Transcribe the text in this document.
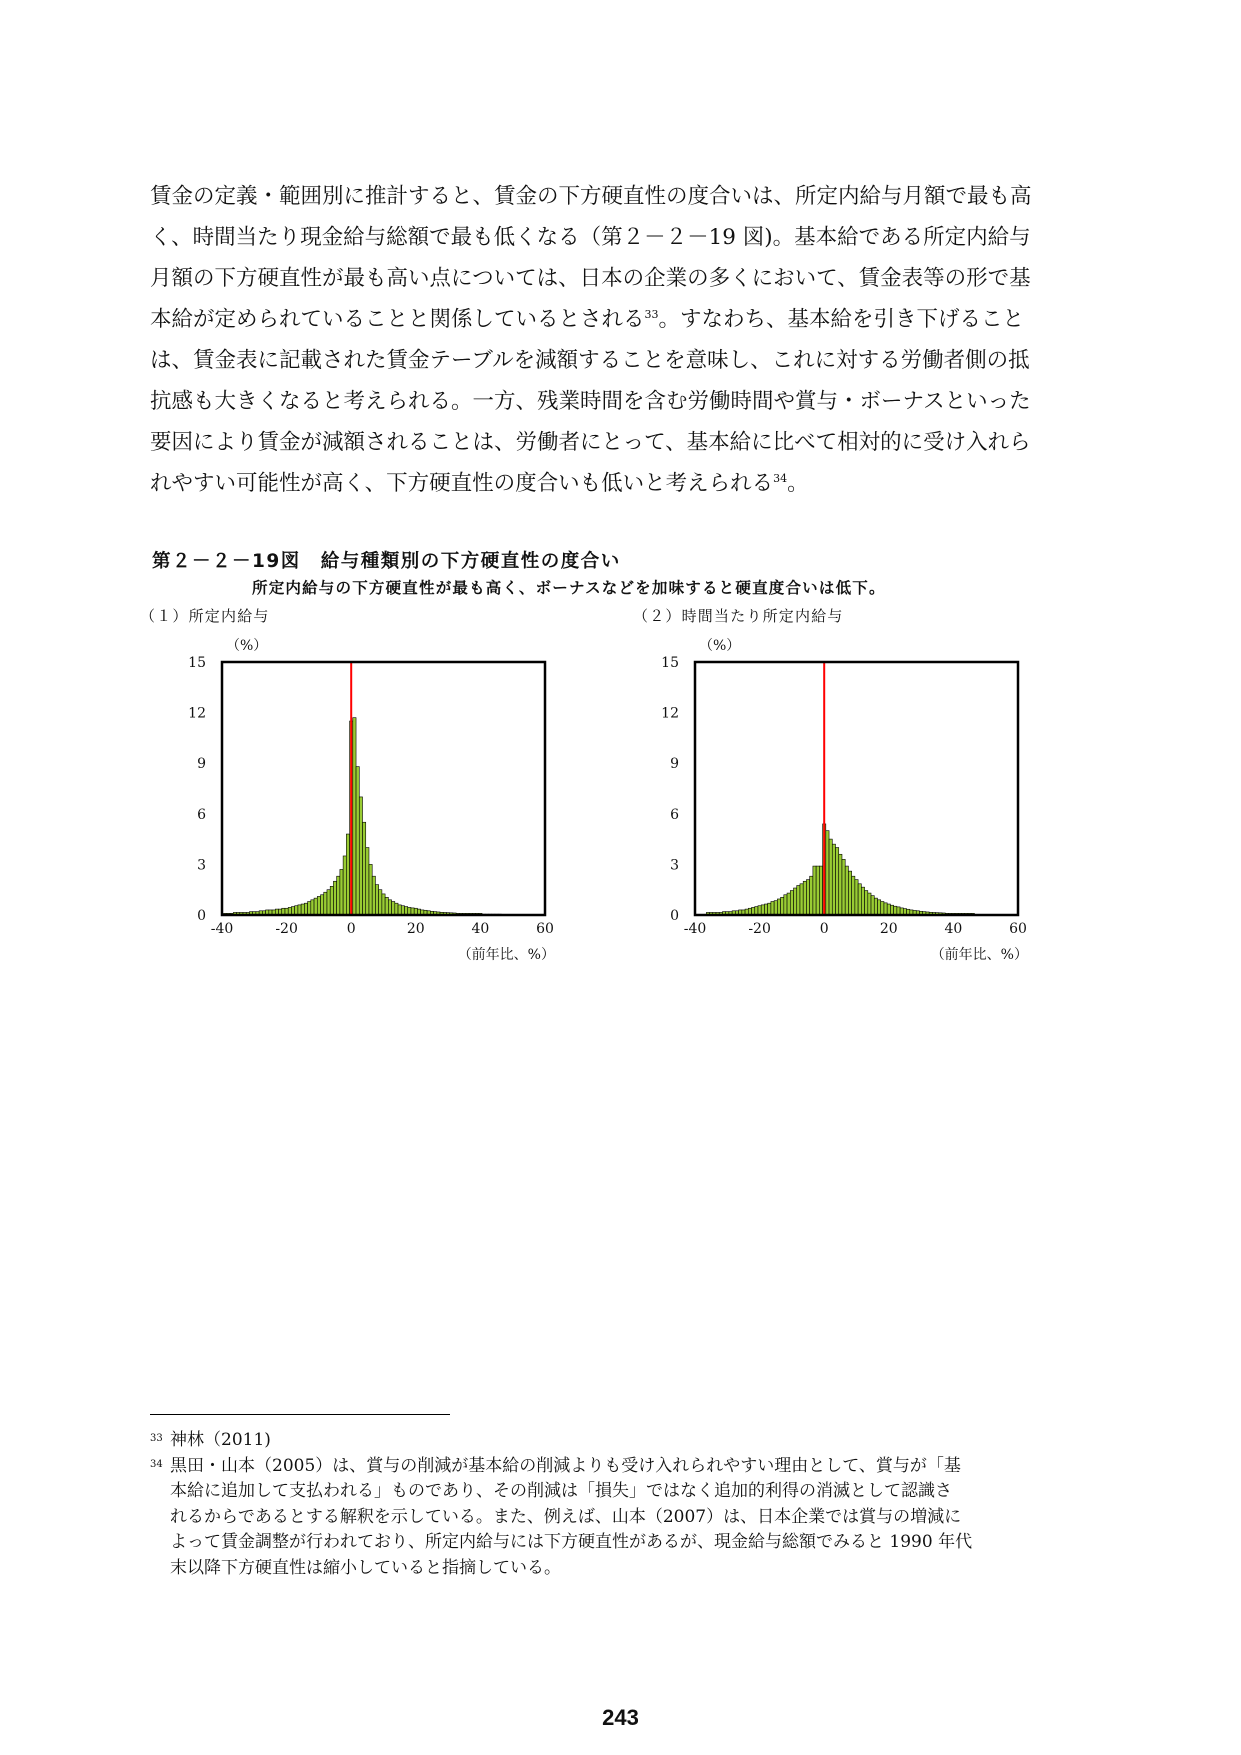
賃金の定義・範囲別に推計すると、賃金の下方硬直性の度合いは、所定内給与月額で最も高
く、時間当たり現金給与総額で最も低くなる（第２－２－19 図)。基本給である所定内給与
月額の下方硬直性が最も高い点については、日本の企業の多くにおいて、賃金表等の形で基
本給が定められていることと関係しているとされる$^{33}$。すなわち、基本給を引き下げること
は、賃金表に記載された賃金テーブルを減額することを意味し、これに対する労働者側の抵
抗感も大きくなると考えられる。一方、残業時間を含む労働時間や賞与・ボーナスといった
要因により賃金が減額されることは、労働者にとって、基本給に比べて相対的に受け入れら
れやすい可能性が高く、下方硬直性の度合いも低いと考えられる$^{34}$。
第２－２－19図　給与種類別の下方硬直性の度合い
所定内給与の下方硬直性が最も高く、ボーナスなどを加味すると硬直度合いは低下。
（１）所定内給与	（２）時間当たり所定内給与
（%）
0
3
6
9
12
15
-40	-20	0	20	40	60
（前年比、%）
（%）
0
3
6
9
12
15
-40	-20	0	20	40	60
（前年比、%）
33 神林（2011)
34 黒田・山本（2005）は、賞与の削減が基本給の削減よりも受け入れられやすい理由として、賞与が「基
本給に追加して支払われる」ものであり、その削減は「損失」ではなく追加的利得の消滅として認識さ
れるからであるとする解釈を示している。また、例えば、山本（2007）は、日本企業では賞与の増減に
よって賃金調整が行われており、所定内給与には下方硬直性があるが、現金給与総額でみると 1990 年代
末以降下方硬直性は縮小していると指摘している。
243
